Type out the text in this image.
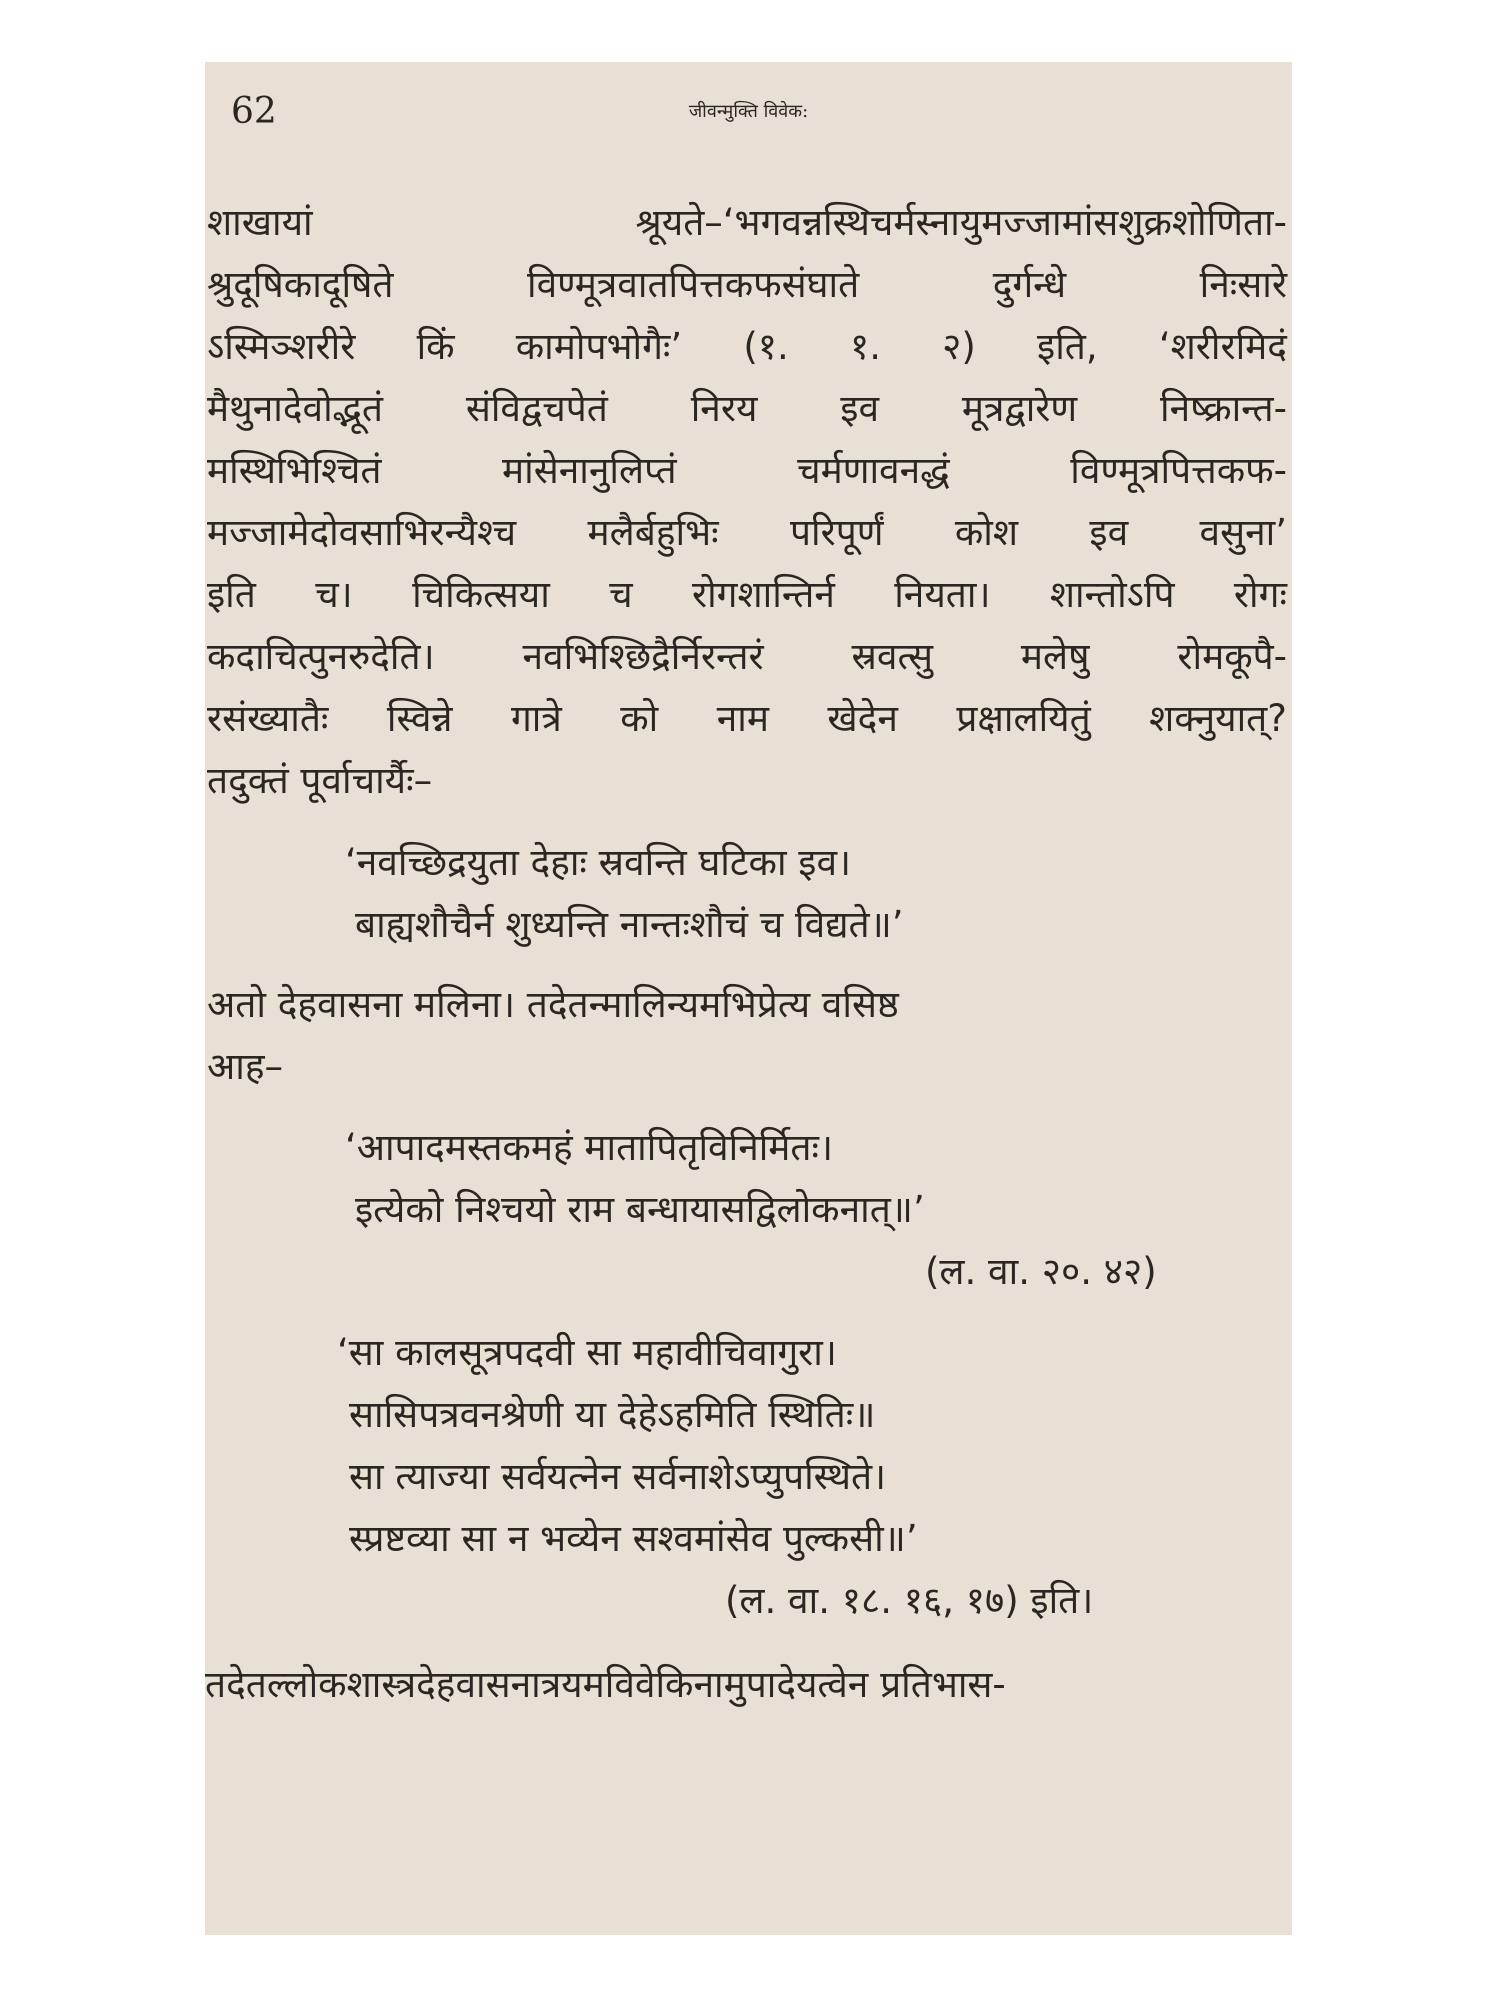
62	जीवन्मुक्ति विवेक:
शाखायां	श्रूयते–‘भगवन्नस्थिचर्मस्नायुमज्जामांसशुक्रशोणिता-
श्रुदूषिकादूषिते	विण्मूत्रवातपित्तकफसंघाते	दुर्गन्धे	निःसारे
ऽस्मिञ्शरीरे किं कामोपभोगैः’ (१. १. २) इति, ‘शरीरमिदं
मैथुनादेवोद्भूतं संविद्वचपेतं निरय इव मूत्रद्वारेण निष्क्रान्त-
मस्थिभिश्चितं	मांसेनानुलिप्तं	चर्मणावनद्धं	विण्मूत्रपित्तकफ-
मज्जामेदोवसाभिरन्यैश्च मलैर्बहुभिः परिपूर्णं कोश इव वसुना’
इति च। चिकित्सया च रोगशान्तिर्न नियता। शान्तोऽपि रोगः
कदाचित्पुनरुदेति। नवभिश्छिद्रैर्निरन्तरं स्रवत्सु मलेषु रोमकूपै-
रसंख्यातैः स्विन्ने गात्रे को नाम खेदेन प्रक्षालयितुं शक्नुयात्?
तदुक्तं पूर्वाचार्यैः–
‘नवच्छिद्रयुता देहाः स्रवन्ति घटिका इव।
बाह्यशौचैर्न शुध्यन्ति नान्तःशौचं च विद्यते॥’
अतो देहवासना मलिना। तदेतन्मालिन्यमभिप्रेत्य वसिष्ठ
आह–
‘आपादमस्तकमहं मातापितृविनिर्मितः।
इत्येको निश्चयो राम बन्धायासद्विलोकनात्॥’
(ल. वा. २०. ४२)
‘सा कालसूत्रपदवी सा महावीचिवागुरा।
सासिपत्रवनश्रेणी या देहेऽहमिति स्थितिः॥
सा त्याज्या सर्वयत्नेन सर्वनाशेऽप्युपस्थिते।
स्प्रष्टव्या सा न भव्येन सश्वमांसेव पुल्कसी॥’
(ल. वा. १८. १६, १७) इति।
तदेतल्लोकशास्त्रदेहवासनात्रयमविवेकिनामुपादेयत्वेन प्रतिभास-
